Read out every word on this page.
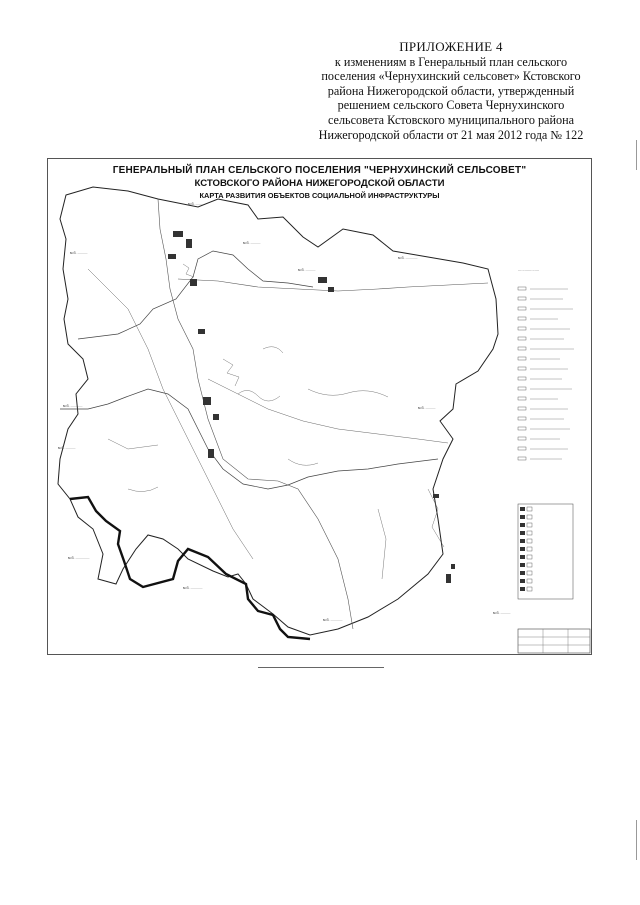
ПРИЛОЖЕНИЕ 4
к изменениям в Генеральный план сельского
поселения «Чернухинский сельсовет» Кстовского
района Нижегородской области, утвержденный
решением сельского Совета Чернухинского
сельсовета Кстовского муниципального района
Нижегородской области от 21 мая 2012 года № 122
м.б. ..........
м.б. ........
м.б. ..........
м.б. ............
м.б. ..........
м.б. ............	м.б. ..........
м.б. ..........
м.б. ..............
м.б. ............
м.б. ............
м.б. ..........
...................
ГЕНЕРАЛЬНЫЙ ПЛАН СЕЛЬСКОГО ПОСЕЛЕНИЯ "ЧЕРНУХИНСКИЙ СЕЛЬСОВЕТ"
КСТОВСКОГО РАЙОНА НИЖЕГОРОДСКОЙ ОБЛАСТИ
КАРТА РАЗВИТИЯ ОБЪЕКТОВ СОЦИАЛЬНОЙ ИНФРАСТРУКТУРЫ
